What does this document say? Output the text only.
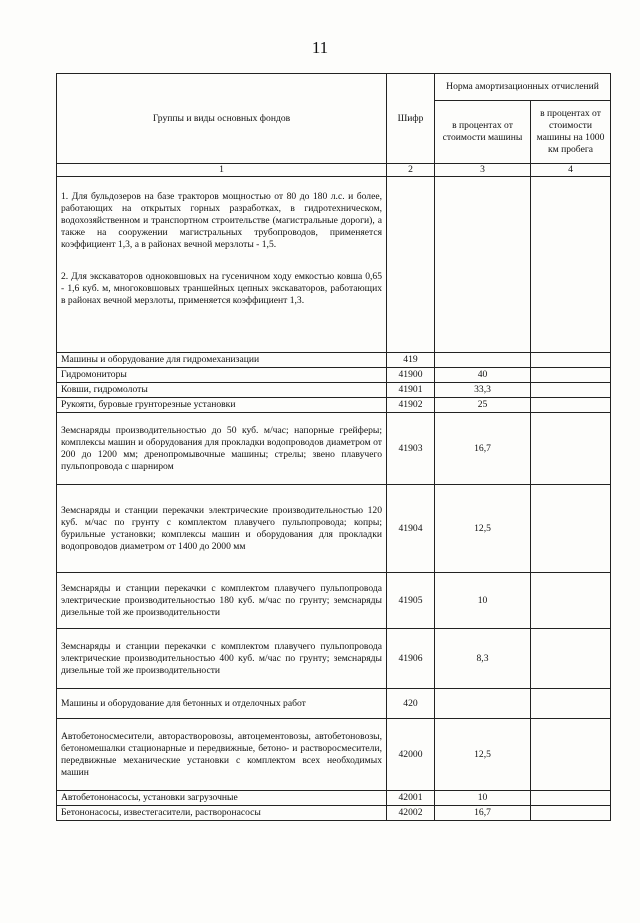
11
Группы и виды основных фондов	Шифр	Норма амортизационных отчислений	
		в процентах от стоимости машины	в процентах от стоимости машины на 1000 км пробега
1	2	3	4

1. Для бульдозеров на базе тракторов мощностью от 80 до 180 л.с. и более, работающих на открытых горных разработках, в гидротехническом, водохозяйственном и транспортном строительстве (магистральные дороги), а также на сооружении магистральных трубопроводов, применяется коэффициент 1,3, а в районах вечной мерзлоты - 1,5.
2. Для экскаваторов одноковшовых на гусеничном ходу емкостью ковша 0,65 - 1,6 куб. м, многоковшовых траншейных цепных экскаваторов, работающих в районах вечной мерзлоты, применяется коэффициент 1,3.			

Машины и оборудование для гидромеханизации	419		
Гидромониторы	41900	40	
Ковши, гидромолоты	41901	33,3	
Рукояти, буровые грунторезные установки	41902	25	
Земснаряды производительностью до 50 куб. м/час; напорные грейферы; комплексы машин и оборудования для прокладки водопроводов диаметром от 200 до 1200 мм; дренопромывочные машины; стрелы; звено плавучего пульпопровода с шарниром	41903	16,7	
Земснаряды и станции перекачки электрические производительностью 120 куб. м/час по грунту с комплектом плавучего пульпопровода; копры; бурильные установки; комплексы машин и оборудования для прокладки водопроводов диаметром от 1400 до 2000 мм	41904	12,5	
Земснаряды и станции перекачки с комплектом плавучего пульпопровода электрические производительностью 180 куб. м/час по грунту; земснаряды дизельные той же производительности	41905	10	
Земснаряды и станции перекачки с комплектом плавучего пульпопровода электрические производительностью 400 куб. м/час по грунту; земснаряды дизельные той же производительности	41906	8,3	
Машины и оборудование для бетонных и отделочных работ	420		
Автобетоносмесители, авторастворовозы, автоцементовозы, автобетоновозы, бетономешалки стационарные и передвижные, бетоно- и растворосмесители, передвижные механические установки с комплектом всех необходимых машин	42000	12,5	
Автобетононасосы, установки загрузочные	42001	10	
Бетононасосы, известегасители, растворонасосы	42002	16,7	
